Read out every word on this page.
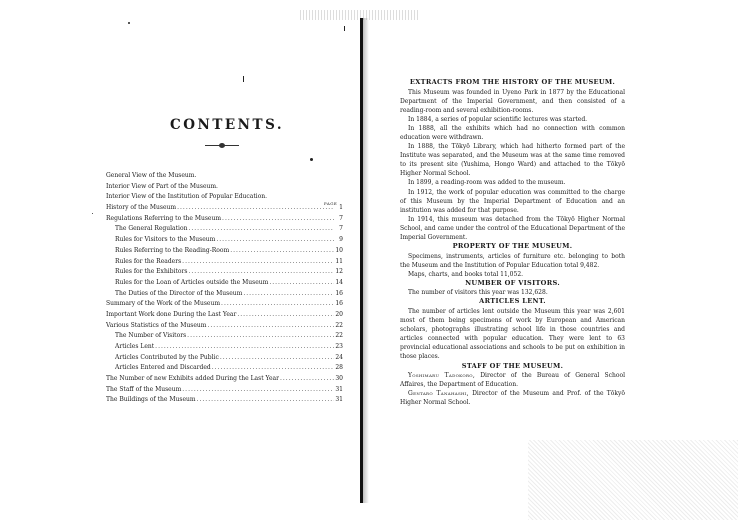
CONTENTS.
PAGE
General View of the Museum.
Interior View of Part of the Museum.
Interior View of the Institution of Popular Education.
History of the Museum .....	1
Regulations Referring to the Museum .....	7
The General Regulation .....	7
Rules for Visitors to the Museum .....	9
Rules Referring to the Reading-Room .....	10
Rules for the Readers .....	11
Rules for the Exhibitors .....	12
Rules for the Loan of Articles outside the Museum .....	14
The Duties of the Director of the Museum .....	16
Summary of the Work of the Museum .....	16
Important Work done During the Last Year .....	20
Various Statistics of the Museum .....	22
The Number of Visitors .....	22
Articles Lent .....	23
Articles Contributed by the Public .....	24
Articles Entered and Discarded .....	28
The Number of new Exhibits added During the Last Year .....	30
The Staff of the Museum .....	31
The Buildings of the Museum .....	31
EXTRACTS FROM THE HISTORY OF THE MUSEUM.

This Museum was founded in Uyeno Park in 1877 by the Educational Department of the Imperial Government, and then consisted of a reading-room and several exhibition-rooms.

In 1884, a series of popular scientific lectures was started.

In 1888, all the exhibits which had no connection with common education were withdrawn.

In 1888, the Tōkyō Library, which had hitherto formed part of the Institute was separated, and the Museum was at the same time removed to its present site (Yushima, Hongo Ward) and attached to the Tōkyō Higher Normal School.

In 1899, a reading-room was added to the museum.

In 1912, the work of popular education was committed to the charge of this Museum by the Imperial Department of Education and an institution was added for that purpose.

In 1914, this museum was detached from the Tōkyō Higher Normal School, and came under the control of the Educational Department of the Imperial Government.

PROPERTY OF THE MUSEUM.

Specimens, instruments, articles of furniture etc. belonging to both the Museum and the Institution of Popular Education total 9,482.

Maps, charts, and books total 11,052.

NUMBER OF VISITORS.

The number of visitors this year was 132,628.

ARTICLES LENT.

The number of articles lent outside the Museum this year was 2,601 most of them being specimens of work by European and American scholars, photographs illustrating school life in those countries and articles connected with popular education. They were lent to 63 provincial educational associations and schools to be put on exhibition in those places.

STAFF OF THE MUSEUM.

Yoshimaru Tadokoro, Director of the Bureau of General School Affaires, the Department of Education.

Gentaro Tanahashi, Director of the Museum and Prof. of the Tōkyō Higher Normal School.
